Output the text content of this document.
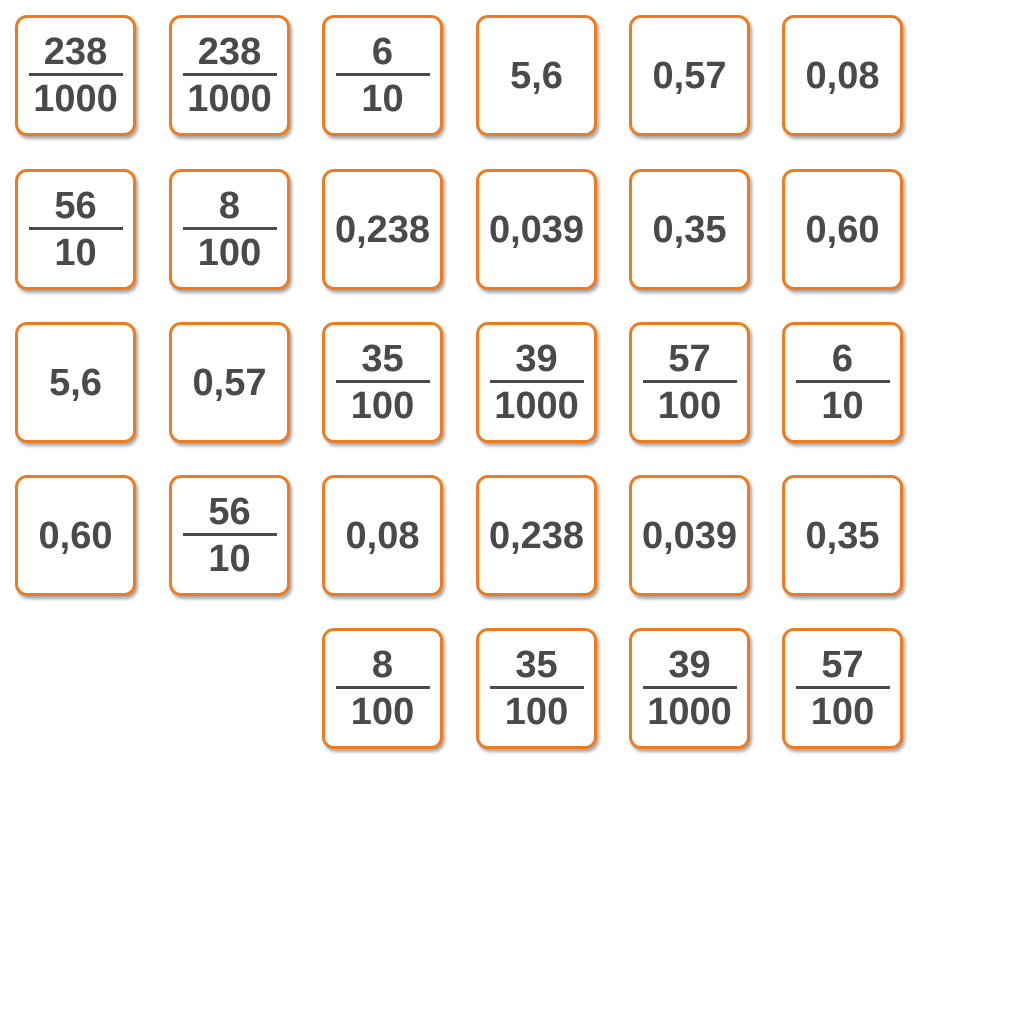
$\frac{238}{1000} \frac{238}{1000} \frac{6}{10} 5,6$ 0,57 0,08
$\frac{56}{10} \frac{8}{100} 0,238$ 0,039 0,35 0,60
5,6 $0,57 \frac{35}{100} \frac{39}{1000} \frac{57}{100} \frac{6}{10}$
$0,60 \frac{56}{10} 0,08$ 0,238 0,039 0,35
$\frac{8}{100} \frac{35}{100} \frac{39}{1000} \frac{57}{100}$
